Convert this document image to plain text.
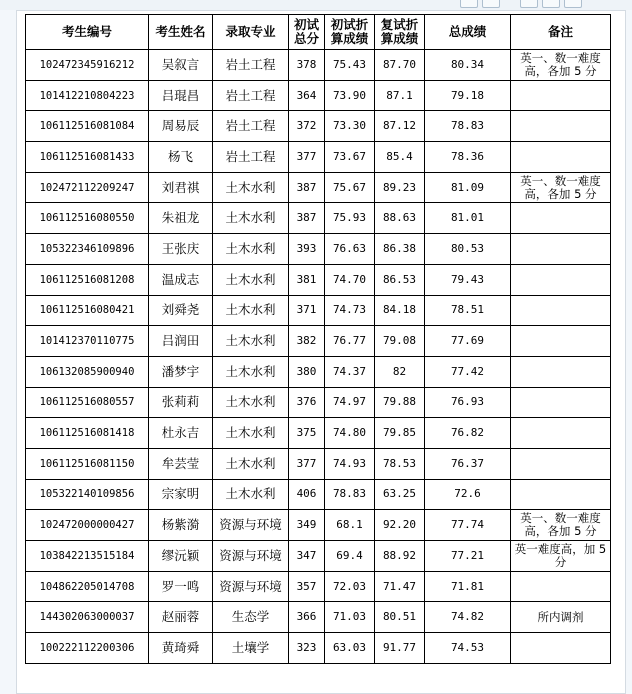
考生编号	考生姓名	录取专业	初试总分	初试折算成绩	复试折算成绩	总成绩	备注
102472345916212	吴叙言	岩土工程	378	75.43	87.70	80.34	英一、数一难度高，各加 5 分
101412210804223	吕琨昌	岩土工程	364	73.90	87.1	79.18	
106112516081084	周易辰	岩土工程	372	73.30	87.12	78.83	
106112516081433	杨飞	岩土工程	377	73.67	85.4	78.36	
102472112209247	刘君祺	土木水利	387	75.67	89.23	81.09	英一、数一难度高，各加 5 分
106112516080550	朱祖龙	土木水利	387	75.93	88.63	81.01	
105322346109896	王张庆	土木水利	393	76.63	86.38	80.53	
106112516081208	温成志	土木水利	381	74.70	86.53	79.43	
106112516080421	刘舜尧	土木水利	371	74.73	84.18	78.51	
101412370110775	吕润田	土木水利	382	76.77	79.08	77.69	
106132085900940	潘梦宇	土木水利	380	74.37	82	77.42	
106112516080557	张莉莉	土木水利	376	74.97	79.88	76.93	
106112516081418	杜永吉	土木水利	375	74.80	79.85	76.82	
106112516081150	牟芸莹	土木水利	377	74.93	78.53	76.37	
105322140109856	宗家明	土木水利	406	78.83	63.25	72.6	
102472000000427	杨紫漪	资源与环境	349	68.1	92.20	77.74	英一、数一难度高，各加 5 分
103842213515184	缪沅颖	资源与环境	347	69.4	88.92	77.21	英一难度高，加 5 分
104862205014708	罗一鸣	资源与环境	357	72.03	71.47	71.81	
144302063000037	赵丽蓉	生态学	366	71.03	80.51	74.82	所内调剂
100222112200306	黄琦舜	土壤学	323	63.03	91.77	74.53	
